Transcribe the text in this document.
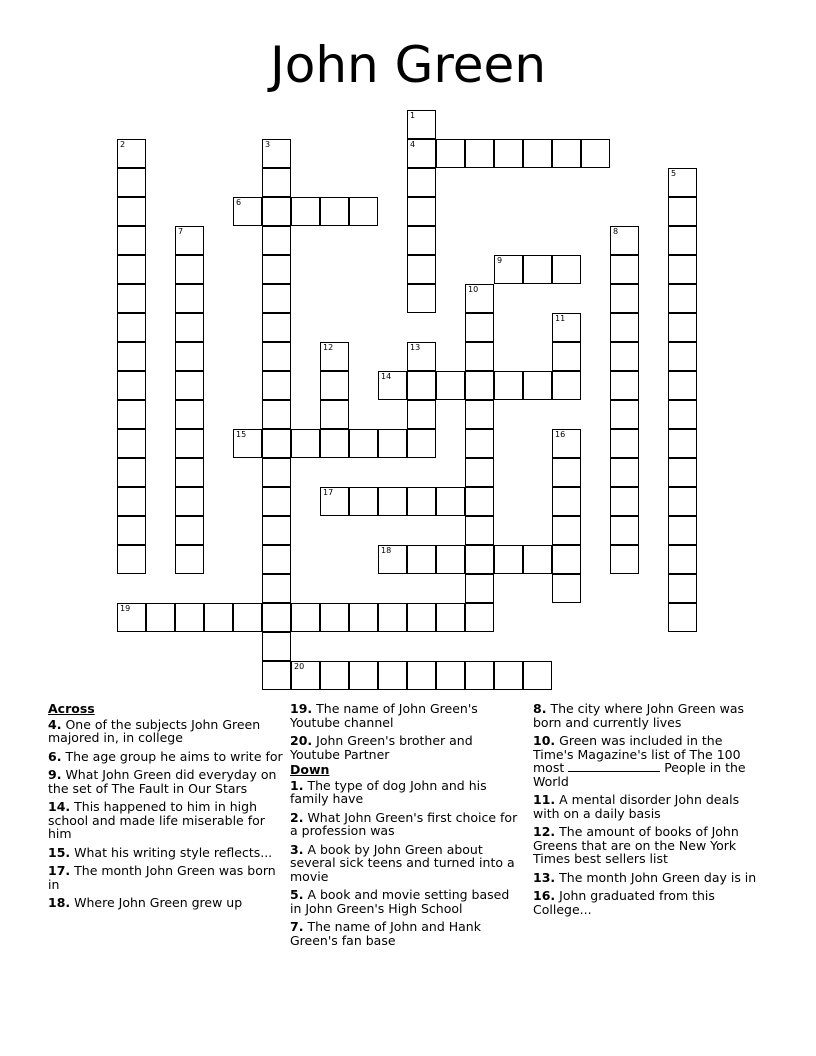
John Green
1
4
2	3
5
6
7	8
9
10
11
12	13
14
15	16
17
18
19
20
Across
4. One of the subjects John Green majored in, in college
6. The age group he aims to write for
9. What John Green did everyday on the set of The Fault in Our Stars
14. This happened to him in high school and made life miserable for him
15. What his writing style reflects...
17. The month John Green was born in
18. Where John Green grew up
19. The name of John Green's Youtube channel
20. John Green's brother and Youtube Partner
Down
1. The type of dog John and his family have
2. What John Green's first choice for a profession was
3. A book by John Green about several sick teens and turned into a movie
5. A book and movie setting based in John Green's High School
7. The name of John and Hank Green's fan base
8. The city where John Green was born and currently lives
10. Green was included in the Time's Magazine's list of The 100 most	People in the World
11. A mental disorder John deals with on a daily basis
12. The amount of books of John Greens that are on the New York Times best sellers list
13. The month John Green day is in
16. John graduated from this College...
